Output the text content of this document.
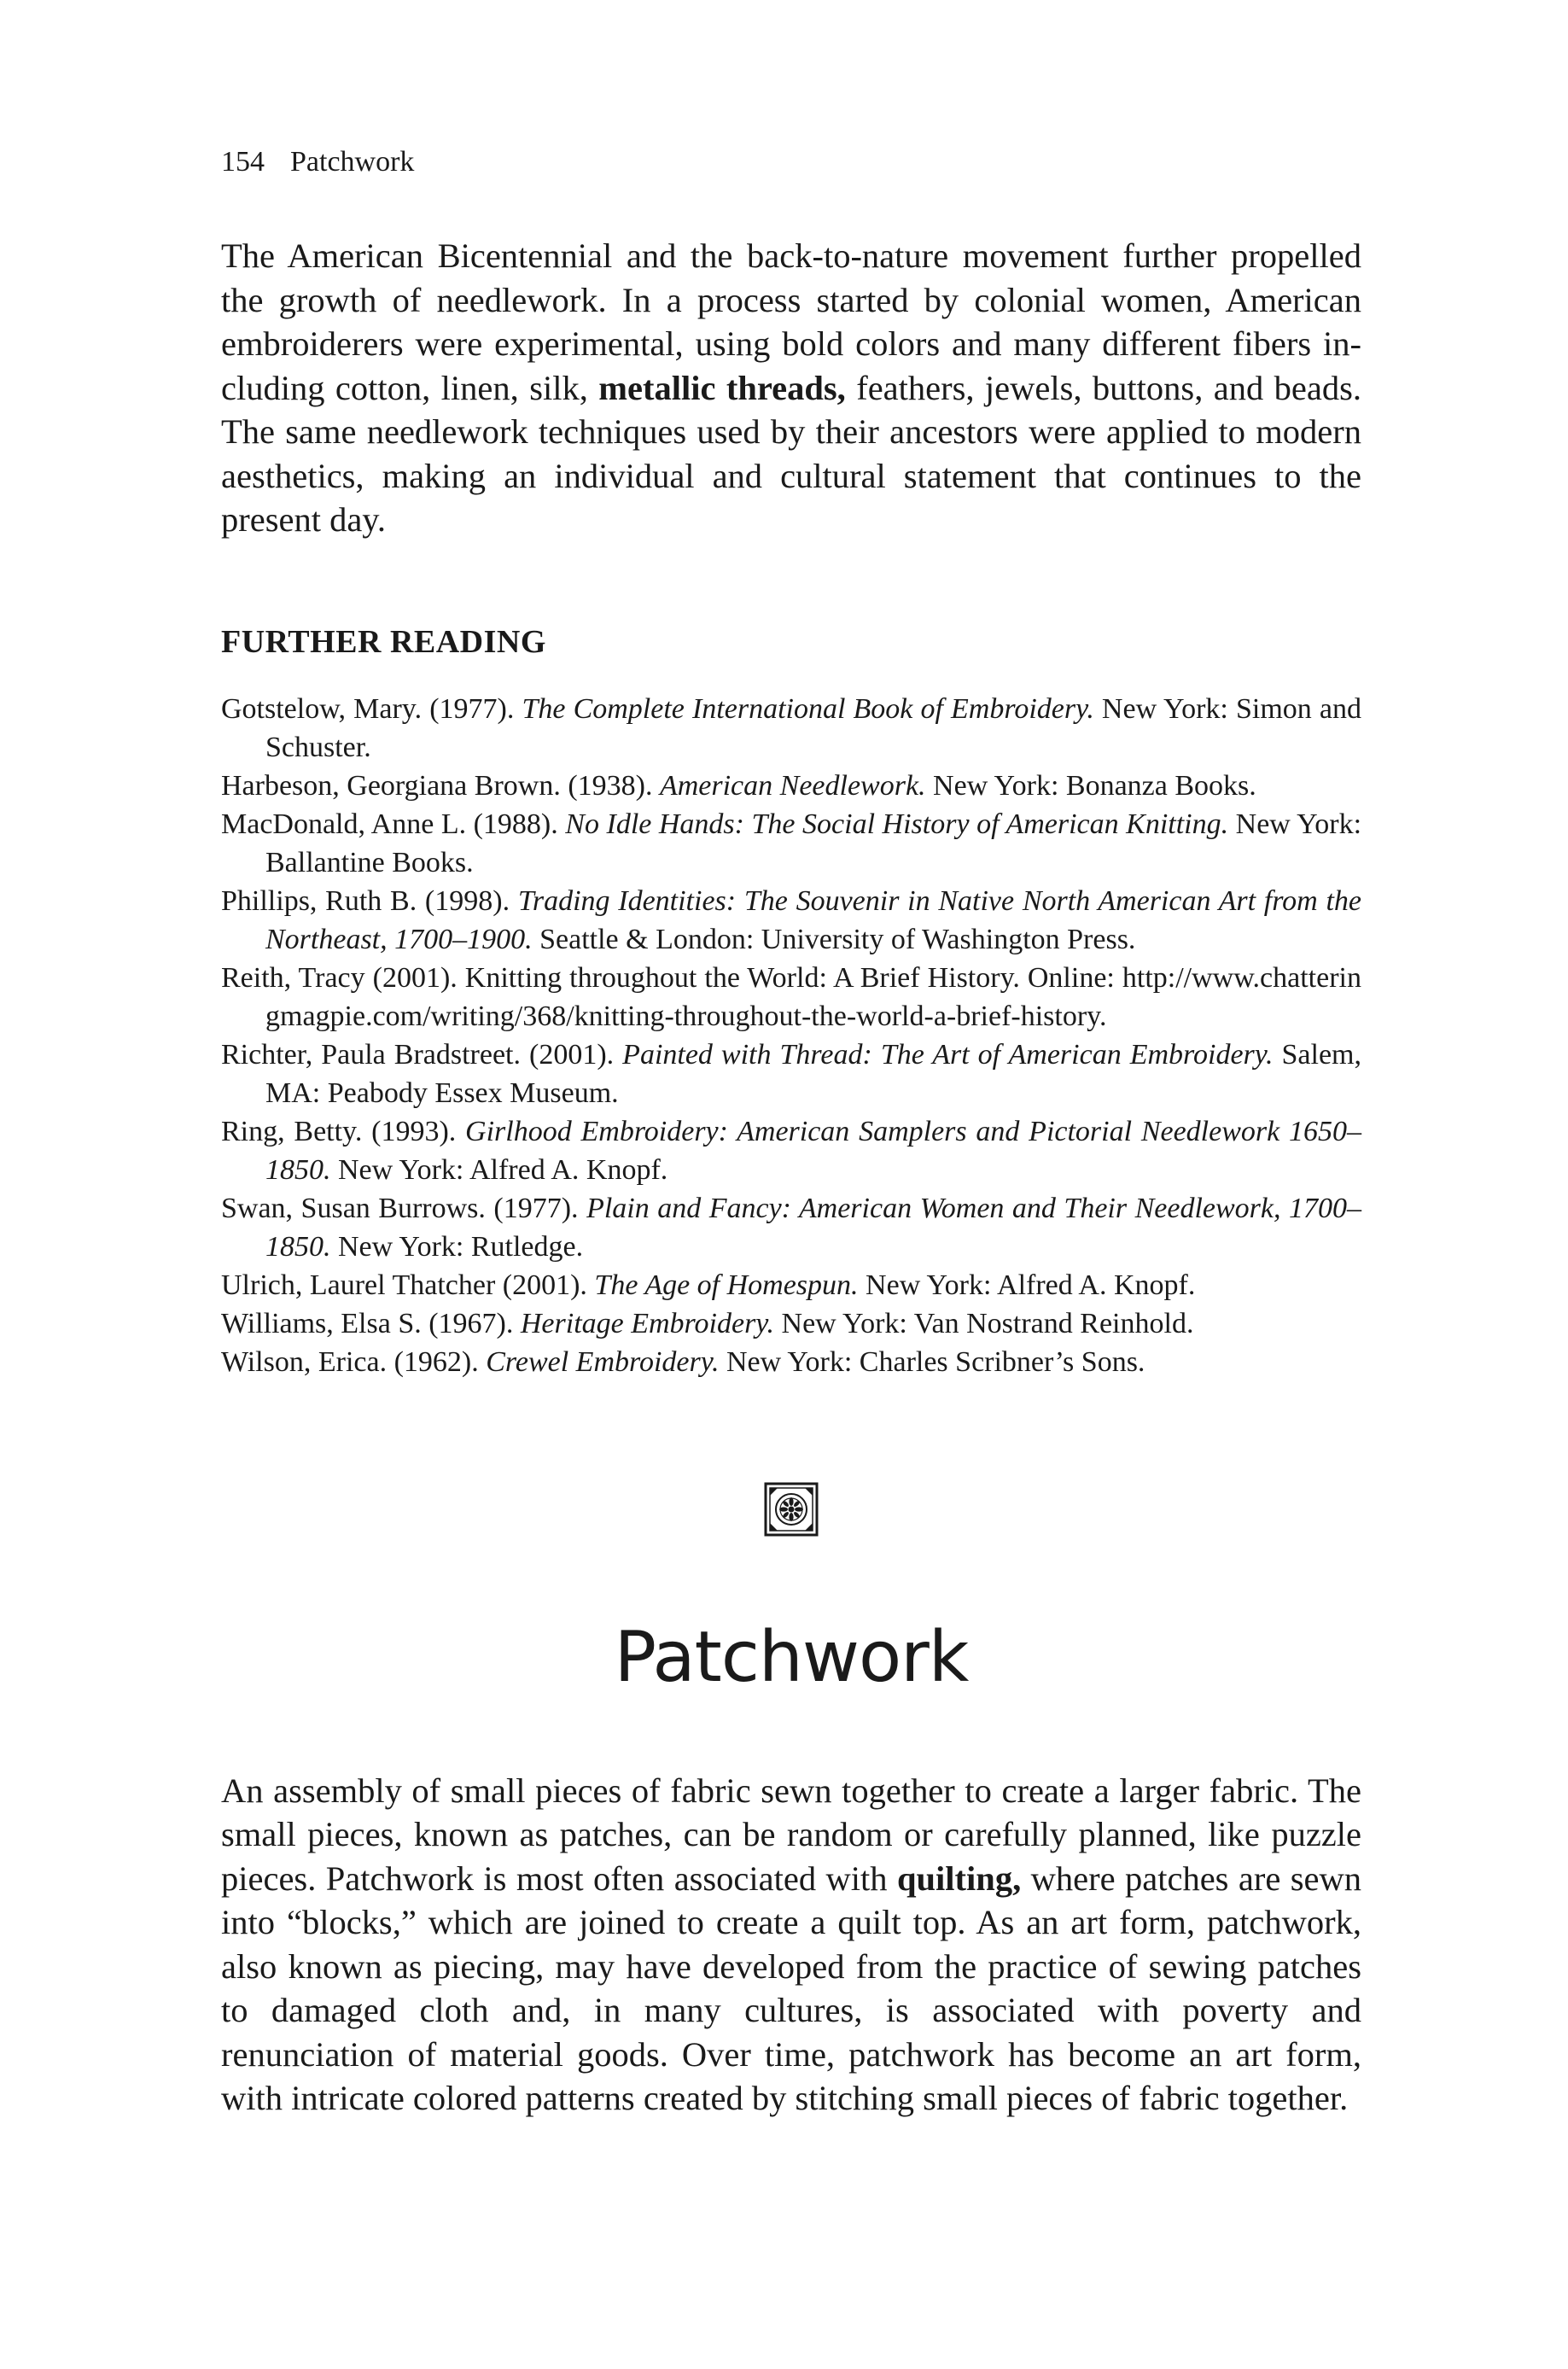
154 Patchwork

The American Bicentennial and the back-to-nature movement further propelled the growth of needlework. In a process started by colonial women, American embroiderers were experimental, using bold colors and many different fibers including cotton, linen, silk, metallic threads, feathers, jewels, buttons, and beads. The same needlework techniques used by their ancestors were applied to modern aesthetics, making an individual and cultural statement that continues to the present day.

FURTHER READING
Gotstelow, Mary. (1977). The Complete International Book of Embroidery. New York: Simon and Schuster.
Harbeson, Georgiana Brown. (1938). American Needlework. New York: Bonanza Books.
MacDonald, Anne L. (1988). No Idle Hands: The Social History of American Knitting. New York: Ballantine Books.
Phillips, Ruth B. (1998). Trading Identities: The Souvenir in Native North American Art from the Northeast, 1700–1900. Seattle & London: University of Washington Press.
Reith, Tracy (2001). Knitting throughout the World: A Brief History. Online: http://www.chatteringmagpie.com/writing/368/knitting-throughout-the-world-a-brief-history.
Richter, Paula Bradstreet. (2001). Painted with Thread: The Art of American Embroidery. Salem, MA: Peabody Essex Museum.
Ring, Betty. (1993). Girlhood Embroidery: American Samplers and Pictorial Needlework 1650–1850. New York: Alfred A. Knopf.
Swan, Susan Burrows. (1977). Plain and Fancy: American Women and Their Needlework, 1700–1850. New York: Rutledge.
Ulrich, Laurel Thatcher (2001). The Age of Homespun. New York: Alfred A. Knopf.
Williams, Elsa S. (1967). Heritage Embroidery. New York: Van Nostrand Reinhold.
Wilson, Erica. (1962). Crewel Embroidery. New York: Charles Scribner’s Sons.
Patchwork

An assembly of small pieces of fabric sewn together to create a larger fabric. The small pieces, known as patches, can be random or carefully planned, like puzzle pieces. Patchwork is most often associated with quilting, where patches are sewn into “blocks,” which are joined to create a quilt top. As an art form, patchwork, also known as piecing, may have developed from the practice of sewing patches to damaged cloth and, in many cultures, is associated with poverty and renunciation of material goods. Over time, patchwork has become an art form, with intricate colored patterns created by stitching small pieces of fabric together.
